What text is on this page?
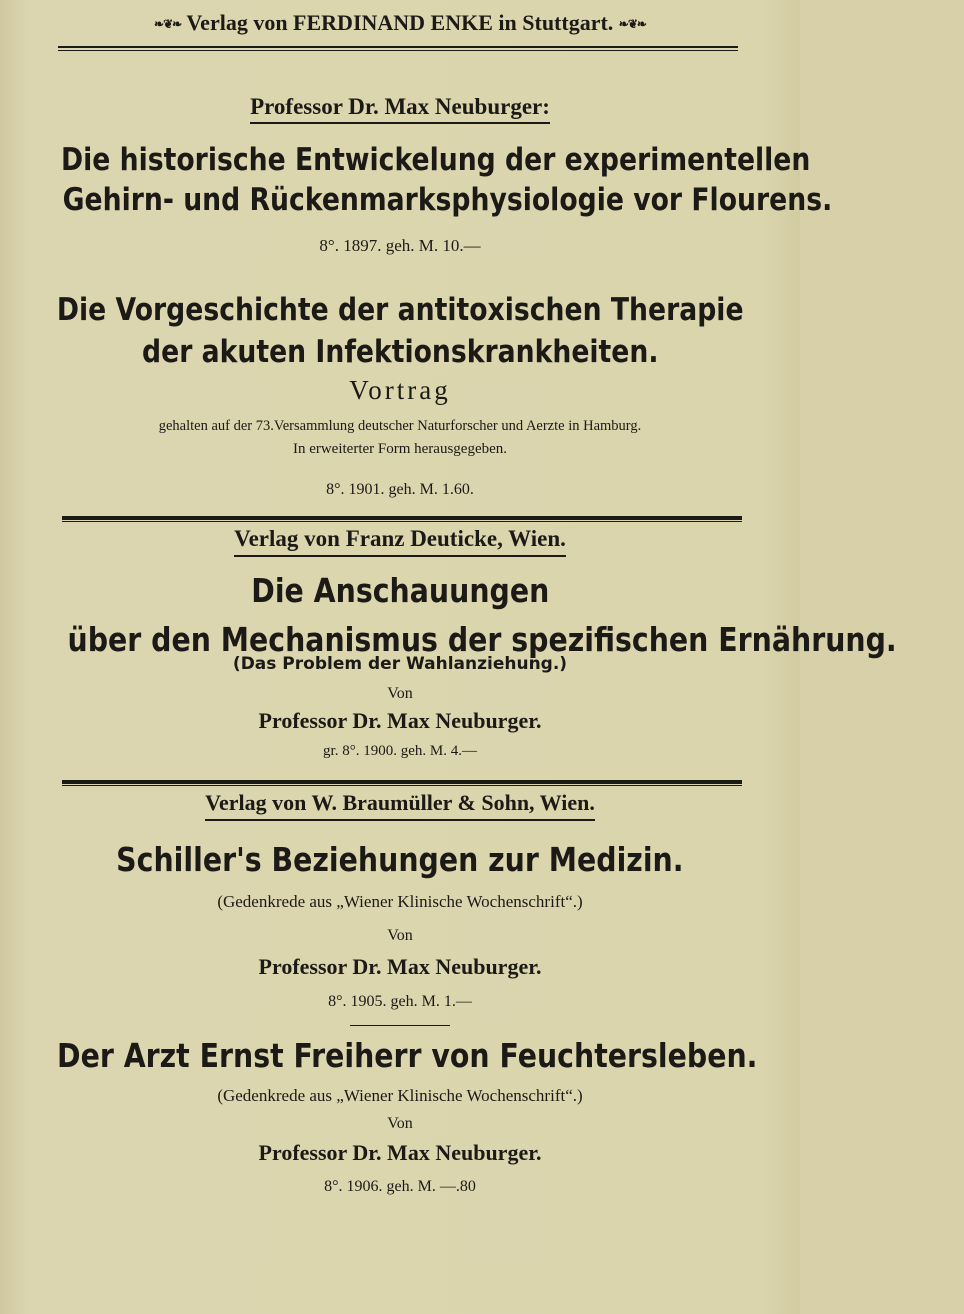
❧❦❧ Verlag von FERDINAND ENKE in Stuttgart. ❧❦❧
Professor Dr. Max Neuburger:
Die historische Entwickelung der experimentellen
Gehirn- und Rückenmarksphysiologie vor Flourens.
8°. 1897. geh. M. 10.—
Die Vorgeschichte der antitoxischen Therapie
der akuten Infektionskrankheiten.
Vortrag
gehalten auf der 73.Versammlung deutscher Naturforscher und Aerzte in Hamburg.
In erweiterter Form herausgegeben.
8°. 1901. geh. M. 1.60.
Verlag von Franz Deuticke, Wien.
Die Anschauungen
über den Mechanismus der spezifischen Ernährung.
(Das Problem der Wahlanziehung.)
Von
Professor Dr. Max Neuburger.
gr. 8°. 1900. geh. M. 4.—
Verlag von W. Braumüller & Sohn, Wien.
Schiller's Beziehungen zur Medizin.
(Gedenkrede aus „Wiener Klinische Wochenschrift“.)
Von
Professor Dr. Max Neuburger.
8°. 1905. geh. M. 1.—
Der Arzt Ernst Freiherr von Feuchtersleben.
(Gedenkrede aus „Wiener Klinische Wochenschrift“.)
Von
Professor Dr. Max Neuburger.
8°. 1906. geh. M. —.80
